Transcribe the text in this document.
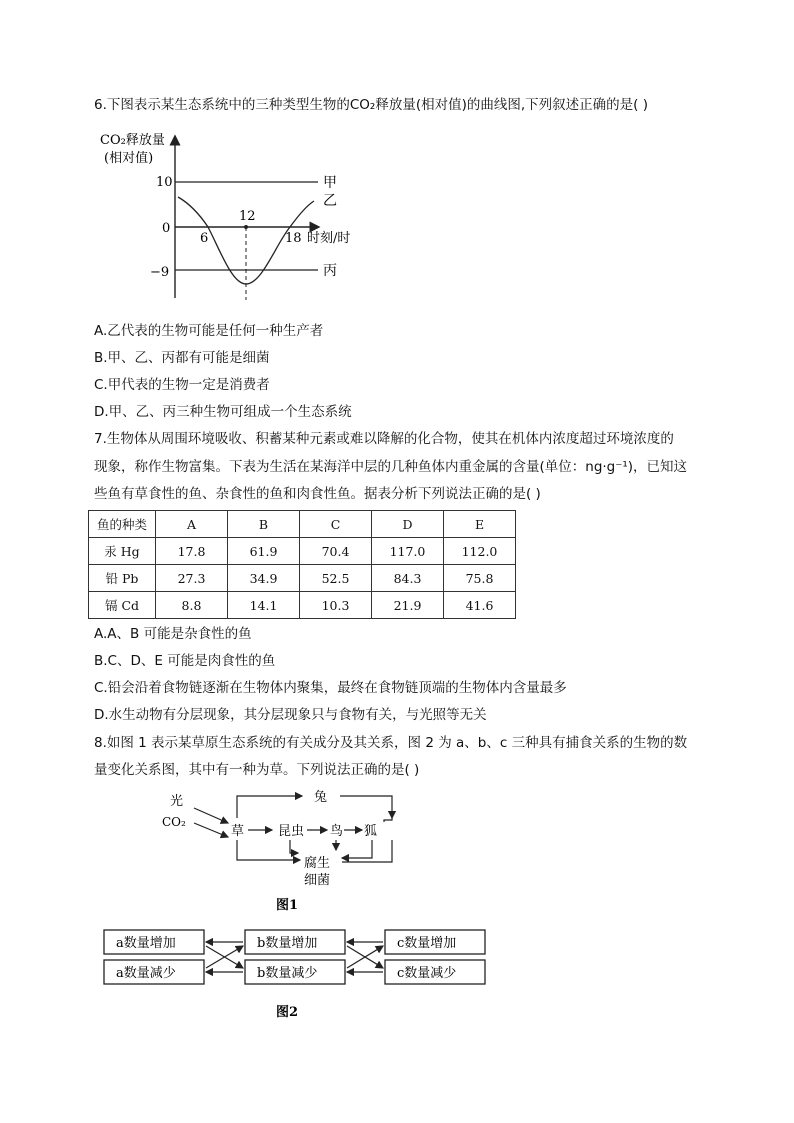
6.下图表示某生态系统中的三种类型生物的CO₂释放量(相对值)的曲线图,下列叙述正确的是( )
CO₂释放量
(相对值)
时刻/时
10
0
−9
6
12
18
甲
乙
丙
光
CO₂
草
兔
昆虫 鸟 狐
腐生
细菌
图1
a数量增加
a数量减少
b数量增加
b数量减少
c数量增加
c数量减少
图2
A.乙代表的生物可能是任何一种生产者
B.甲、乙、丙都有可能是细菌
C.甲代表的生物一定是消费者
D.甲、乙、丙三种生物可组成一个生态系统
7.生物体从周围环境吸收、积蓄某种元素或难以降解的化合物，使其在机体内浓度超过环境浓度的
现象，称作生物富集。下表为生活在某海洋中层的几种鱼体内重金属的含量(单位：ng·g⁻¹)，已知这
些鱼有草食性的鱼、杂食性的鱼和肉食性鱼。据表分析下列说法正确的是( )
鱼的种类	A	B	C	D	E
汞 Hg	17.8	61.9	70.4	117.0	112.0
铅 Pb	27.3	34.9	52.5	84.3	75.8
镉 Cd	8.8	14.1	10.3	21.9	41.6
A.A、B 可能是杂食性的鱼
B.C、D、E 可能是肉食性的鱼
C.铅会沿着食物链逐渐在生物体内聚集，最终在食物链顶端的生物体内含量最多
D.水生动物有分层现象，其分层现象只与食物有关，与光照等无关
8.如图 1 表示某草原生态系统的有关成分及其关系，图 2 为 a、b、c 三种具有捕食关系的生物的数
量变化关系图，其中有一种为草。下列说法正确的是( )
